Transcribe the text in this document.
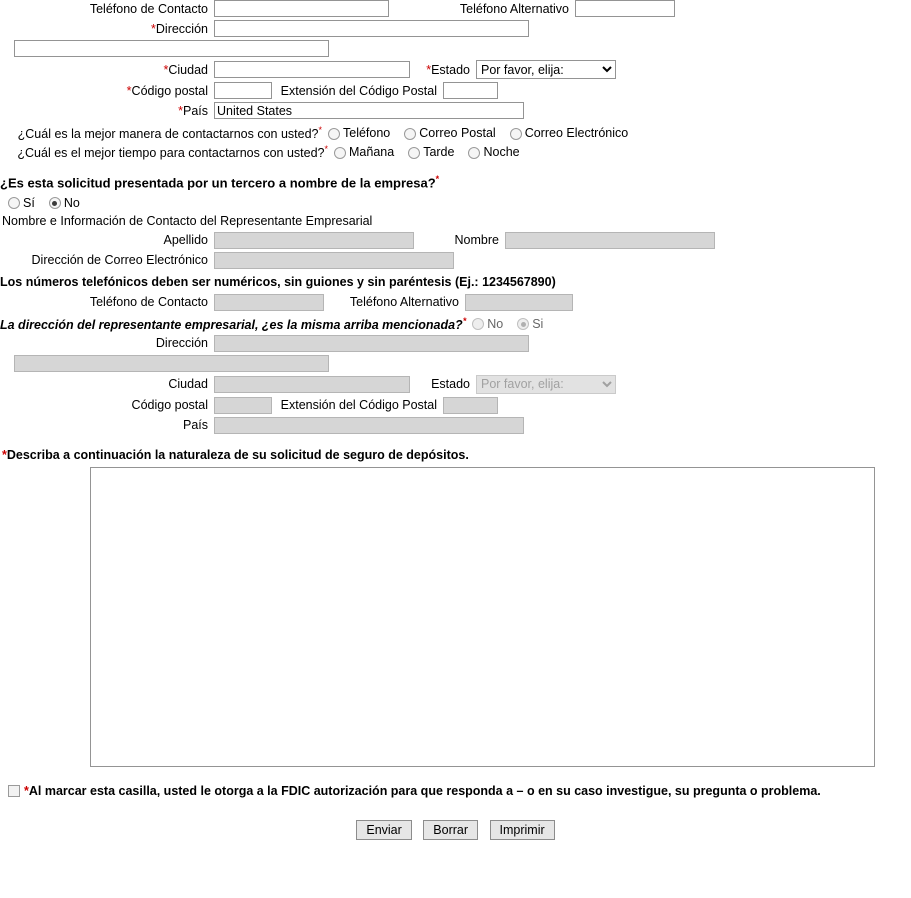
Teléfono de Contacto	Teléfono Alternativo
*Dirección
*Ciudad	*Estado
Por favor, elija:
*Código postal	Extensión del Código Postal
*País
United States
¿Cuál es la mejor manera de contactarnos con usted?*	Teléfono	Correo Postal	Correo Electrónico
¿Cuál es el mejor tiempo para contactarnos con usted?*	Mañana	Tarde	Noche
¿Es esta solicitud presentada por un tercero a nombre de la empresa?*
Sí	No
Nombre e Información de Contacto del Representante Empresarial
Apellido	Nombre
Dirección de Correo Electrónico
Los números telefónicos deben ser numéricos, sin guiones y sin paréntesis (Ej.: 1234567890)
Teléfono de Contacto	Teléfono Alternativo
La dirección del representante empresarial, ¿es la misma arriba mencionada?*	No	Si
Dirección
Ciudad	Estado
Por favor, elija:
Código postal	Extensión del Código Postal
País
*Describa a continuación la naturaleza de su solicitud de seguro de depósitos.
*Al marcar esta casilla, usted le otorga a la FDIC autorización para que responda a – o en su caso investigue, su pregunta o problema.
Enviar	Borrar	Imprimir
